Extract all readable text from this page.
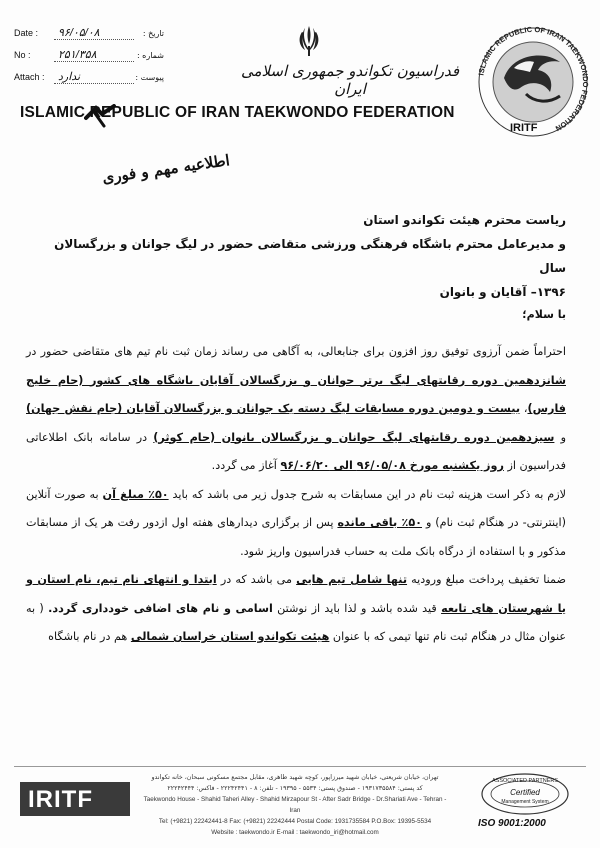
Date :	۹۶/۰۵/۰۸	تاریخ :
No :	۲۵۱/۳۵۸	شماره :
Attach :	ندارد	پیوست :	فدراسیون تکواندو جمهوری اسلامی ایران
ISLAMIC REPUBLIC OF IRAN TAEKWONDO FEDERATION
ISLAMIC REPUBLIC OF IRAN TAEKWONDO FEDERATION
IRITF
اطلاعیه مهم و فوری

ریاست محترم هیئت تکواندو استان

و مدیرعامل محترم باشگاه فرهنگی ورزشی متقاضی حضور در لیگ جوانان و بزرگسالان سال

۱۳۹۶– آقایان و بانوان

با سلام؛

احتراماً ضمن آرزوی توفیق روز افزون برای جنابعالی، به آگاهی می رساند زمان ثبت نام تیم های متقاضی حضور در شانزدهمین دوره رقابتهای لیگ برتر جوانان و بزرگسالان آقایان باشگاه های کشور (جام خلیج فارس)، بیست و دومین دوره مسابقات لیگ دسته یک جوانان و بزرگسالان آقایان (جام نقش جهان) و سیزدهمین دوره رقابتهای لیگ جوانان و بزرگسالان بانوان (جام کوثر) در سامانه بانک اطلاعاتی فدراسیون از روز یکشنبه مورخ ۹۶/۰۵/۰۸ الی ۹۶/۰۶/۲۰ آغاز می گردد.

لازم به ذکر است هزینه ثبت نام در این مسابقات به شرح جدول زیر می باشد که باید ۵۰٪ مبلغ آن به صورت آنلاین (اینترنتی- در هنگام ثبت نام) و ۵۰٪ باقی مانده پس از برگزاری دیدارهای هفته اول ازدور رفت هر یک از مسابقات مذکور و با استفاده از درگاه بانک ملت به حساب فدراسیون واریز شود.

ضمنا تخفیف پرداخت مبلغ ورودیه تنها شامل تیم هایی می باشد که در ابتدا و انتهای نام تیم، نام استان و یا شهرستان های تابعه قید شده باشد و لذا باید از نوشتن اسامی و نام های اضافی خودداری گردد. ( به عنوان مثال در هنگام ثبت نام تنها تیمی که با عنوان هیئت تکواندو استان خراسان شمالی هم در نام باشگاه

IRITF
تهران، خیابان شریعتی، خیابان شهید میرزاپور، کوچه شهید طاهری، مقابل مجتمع مسکونی سبحان، خانه تکواندو
کد پستی: ۱۹۳۱۷۳۵۵۸۴ - صندوق پستی: ۵۵۳۴ - ۱۹۳۹۵ - تلفن: ۸ - ۲۲۲۴۲۴۴۱ - فاکس: ۲۲۲۴۲۴۴۴
Taekwondo House - Shahid Taheri Alley - Shahid Mirzapour St - After Sadr Bridge - Dr.Shariati Ave - Tehran - Iran
Tel: (+9821) 22242441-8 Fax: (+9821) 22242444 Postal Code: 1931735584 P.O.Box: 19395-5534
Website : taekwondo.ir E-mail : taekwondo_iri@hotmail.com
ASSOCIATED PARTNERS
Certified
Management System
ISO 9001:2000
